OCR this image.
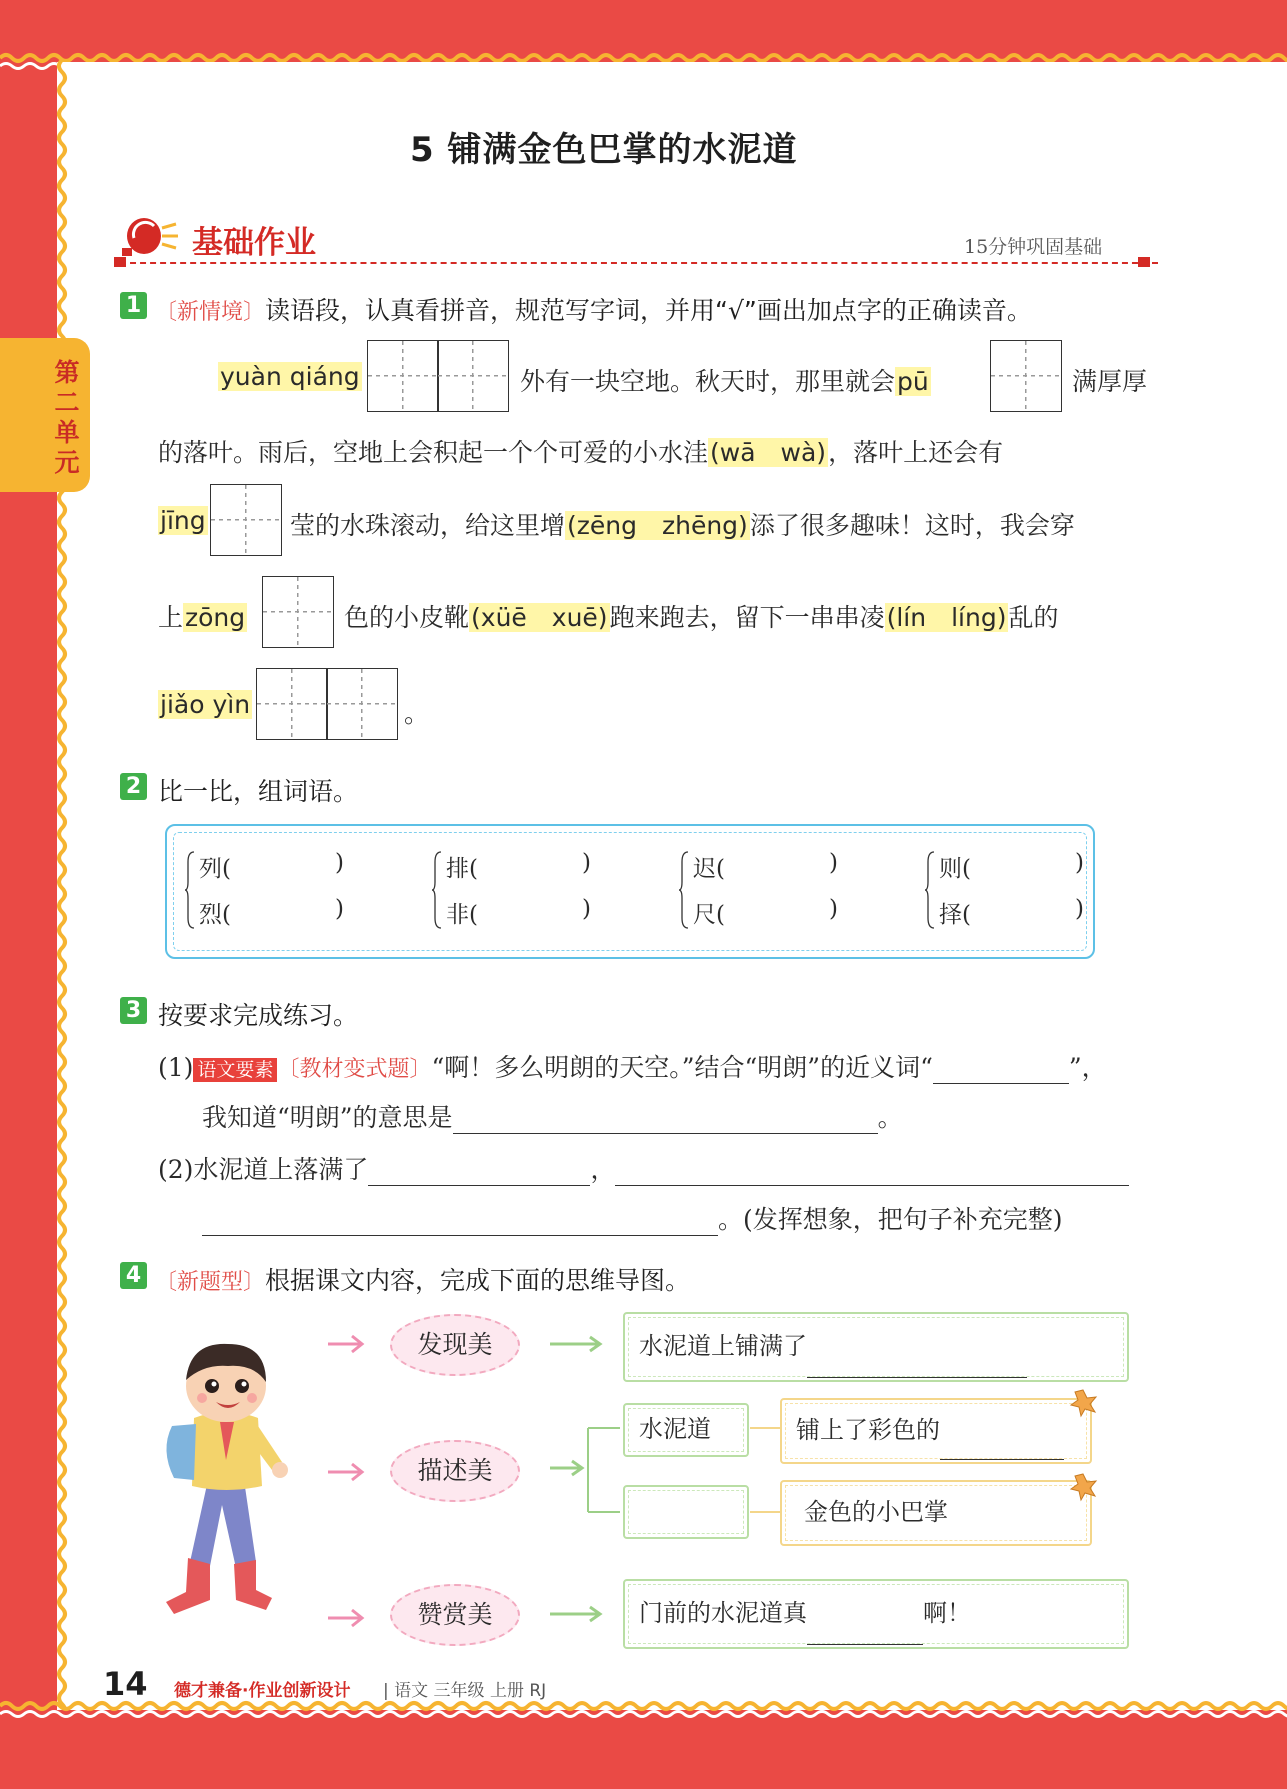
第二单元
5 铺满金色巴掌的水泥道
基础作业	15分钟巩固基础
1 〔新情境〕读语段，认真看拼音，规范写字词，并用“√”画出加点字的正确读音。
yuàn qiáng	外有一块空地。秋天时，那里就会pū	满厚厚
的落叶。雨后，空地上会积起一个个可爱的小水洼(wā　wà)，落叶上还会有
jīng	莹的水珠滚动，给这里增(zēng　zhēng)添了很多趣味！这时，我会穿
上zōng	色的小皮靴(xüē　xuē)跑来跑去，留下一串串凌(lín　líng)乱的
jiǎo yìn	。
2 比一比，组词语。
列(	)
烈(	)
排(	)
非(	)
迟(	)
尺(	)
则(	)
择(	)
3 按要求完成练习。
(1) 语文要素 〔教材变式题〕“啊！多么明朗的天空。”结合“明朗”的近义词“	”，
我知道“明朗”的意思是	。
(2)水泥道上落满了	，
。(发挥想象，把句子补充完整)
4 〔新题型〕根据课文内容，完成下面的思维导图。
发现美
描述美
赞赏美
水泥道上铺满了
水泥道	铺上了彩色的
金色的小巴掌
门前的水泥道真	啊！
14 德才兼备·作业创新设计 | 语文 三年级 上册 RJ
